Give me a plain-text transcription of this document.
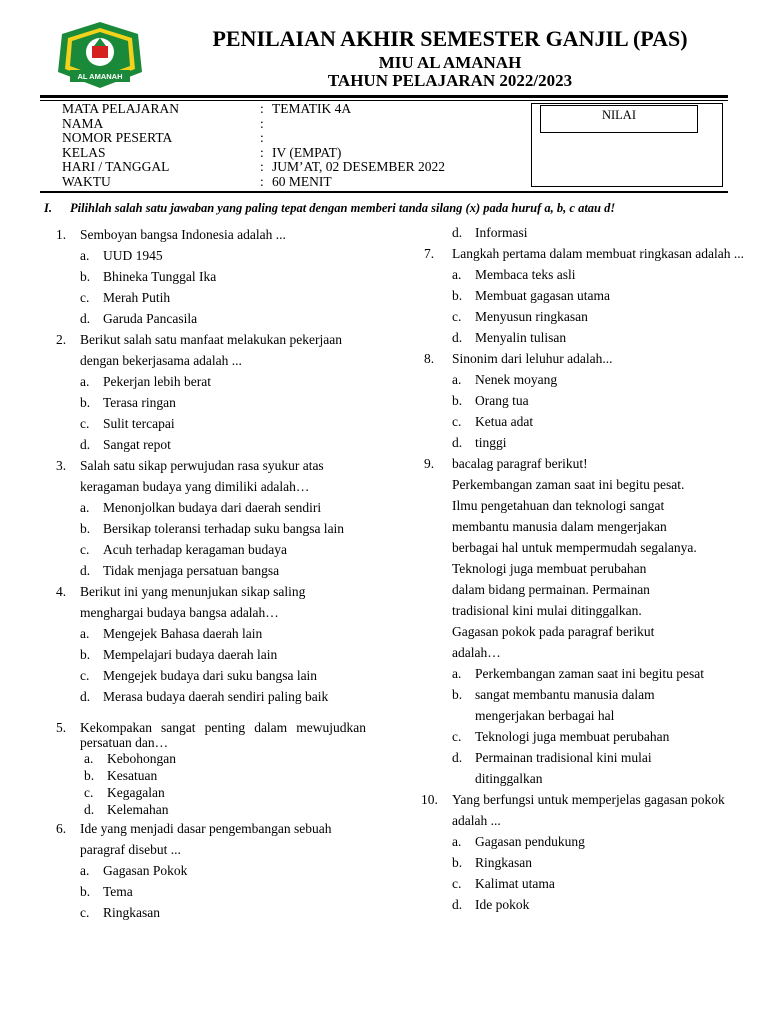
AL AMANAH
PENILAIAN AKHIR SEMESTER GANJIL (PAS)
MIU AL AMANAH
TAHUN PELAJARAN 2022/2023
MATA PELAJARAN	: TEMATIK 4A
NAMA	:
NOMOR PESERTA	:
KELAS	: IV (EMPAT)
HARI / TANGGAL	: JUM’AT, 02 DESEMBER 2022
WAKTU	: 60 MENIT
NILAI
I. Pilihlah salah satu jawaban yang paling tepat dengan memberi tanda silang (x) pada huruf a, b, c atau d!
1.	Semboyan bangsa Indonesia adalah ...
a.	UUD 1945
b. Bhineka Tunggal Ika
c.	Merah Putih
d. Garuda Pancasila
2.	Berikut salah satu manfaat melakukan pekerjaan dengan bekerjasama adalah ...
a.	Pekerjan lebih berat
b. Terasa ringan
c.	Sulit tercapai
d. Sangat repot
3.	Salah satu sikap perwujudan rasa syukur atas keragaman budaya yang dimiliki adalah…
a.	Menonjolkan budaya dari daerah sendiri
b. Bersikap toleransi terhadap suku bangsa lain
c.	Acuh terhadap keragaman budaya
d. Tidak menjaga persatuan bangsa
4.	Berikut ini yang menunjukan sikap saling menghargai budaya bangsa adalah…
a.	Mengejek Bahasa daerah lain
b. Mempelajari budaya daerah lain
c.	Mengejek budaya dari suku bangsa lain
d. Merasa budaya daerah sendiri paling baik
5.	Kekompakan sangat penting dalam mewujudkan persatuan dan…
a.	Kebohongan
b. Kesatuan
c.	Kegagalan
d. Kelemahan
6.	Ide yang menjadi dasar pengembangan sebuah paragraf disebut ...
a.	Gagasan Pokok
b. Tema
c.	Ringkasan
d. Informasi
7.	Langkah pertama dalam membuat ringkasan adalah ...
a.	Membaca teks asli
b. Membuat gagasan utama
c.	Menyusun ringkasan
d. Menyalin tulisan
8.	Sinonim dari leluhur adalah...
a.	Nenek moyang
b. Orang tua
c.	Ketua adat
d. tinggi
9.	bacalag paragraf berikut!
Perkembangan zaman saat ini begitu pesat.
Ilmu pengetahuan dan teknologi sangat
membantu manusia dalam mengerjakan
berbagai hal untuk mempermudah segalanya.
Teknologi juga membuat perubahan
dalam bidang permainan. Permainan
tradisional kini mulai ditinggalkan.
Gagasan pokok pada paragraf berikut
adalah…
a.	Perkembangan zaman saat ini begitu pesat
b. sangat membantu manusia dalam mengerjakan berbagai hal
c.	Teknologi juga membuat perubahan
d. Permainan tradisional kini mulai ditinggalkan
10.	Yang berfungsi untuk memperjelas gagasan pokok adalah ...
a.	Gagasan pendukung
b. Ringkasan
c.	Kalimat utama
d. Ide pokok
